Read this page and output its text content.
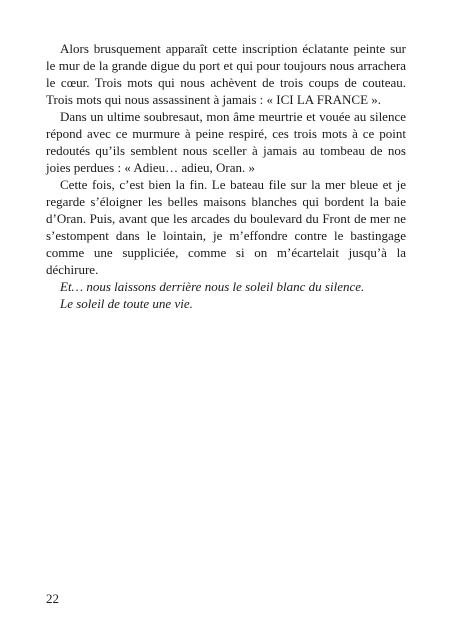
Alors brusquement apparaît cette inscription éclatante peinte sur le mur de la grande digue du port et qui pour toujours nous arrachera le cœur. Trois mots qui nous achèvent de trois coups de couteau. Trois mots qui nous assassinent à jamais : « ICI LA FRANCE ».

Dans un ultime soubresaut, mon âme meurtrie et vouée au silence répond avec ce murmure à peine respiré, ces trois mots à ce point redoutés qu’ils semblent nous sceller à jamais au tombeau de nos joies perdues : « Adieu… adieu, Oran. »

Cette fois, c’est bien la fin. Le bateau file sur la mer bleue et je regarde s’éloigner les belles maisons blanches qui bordent la baie d’Oran. Puis, avant que les arcades du boulevard du Front de mer ne s’estompent dans le lointain, je m’effondre contre le bastingage comme une suppliciée, comme si on m’écartelait jusqu’à la déchirure.

Et… nous laissons derrière nous le soleil blanc du silence.

Le soleil de toute une vie.

22
